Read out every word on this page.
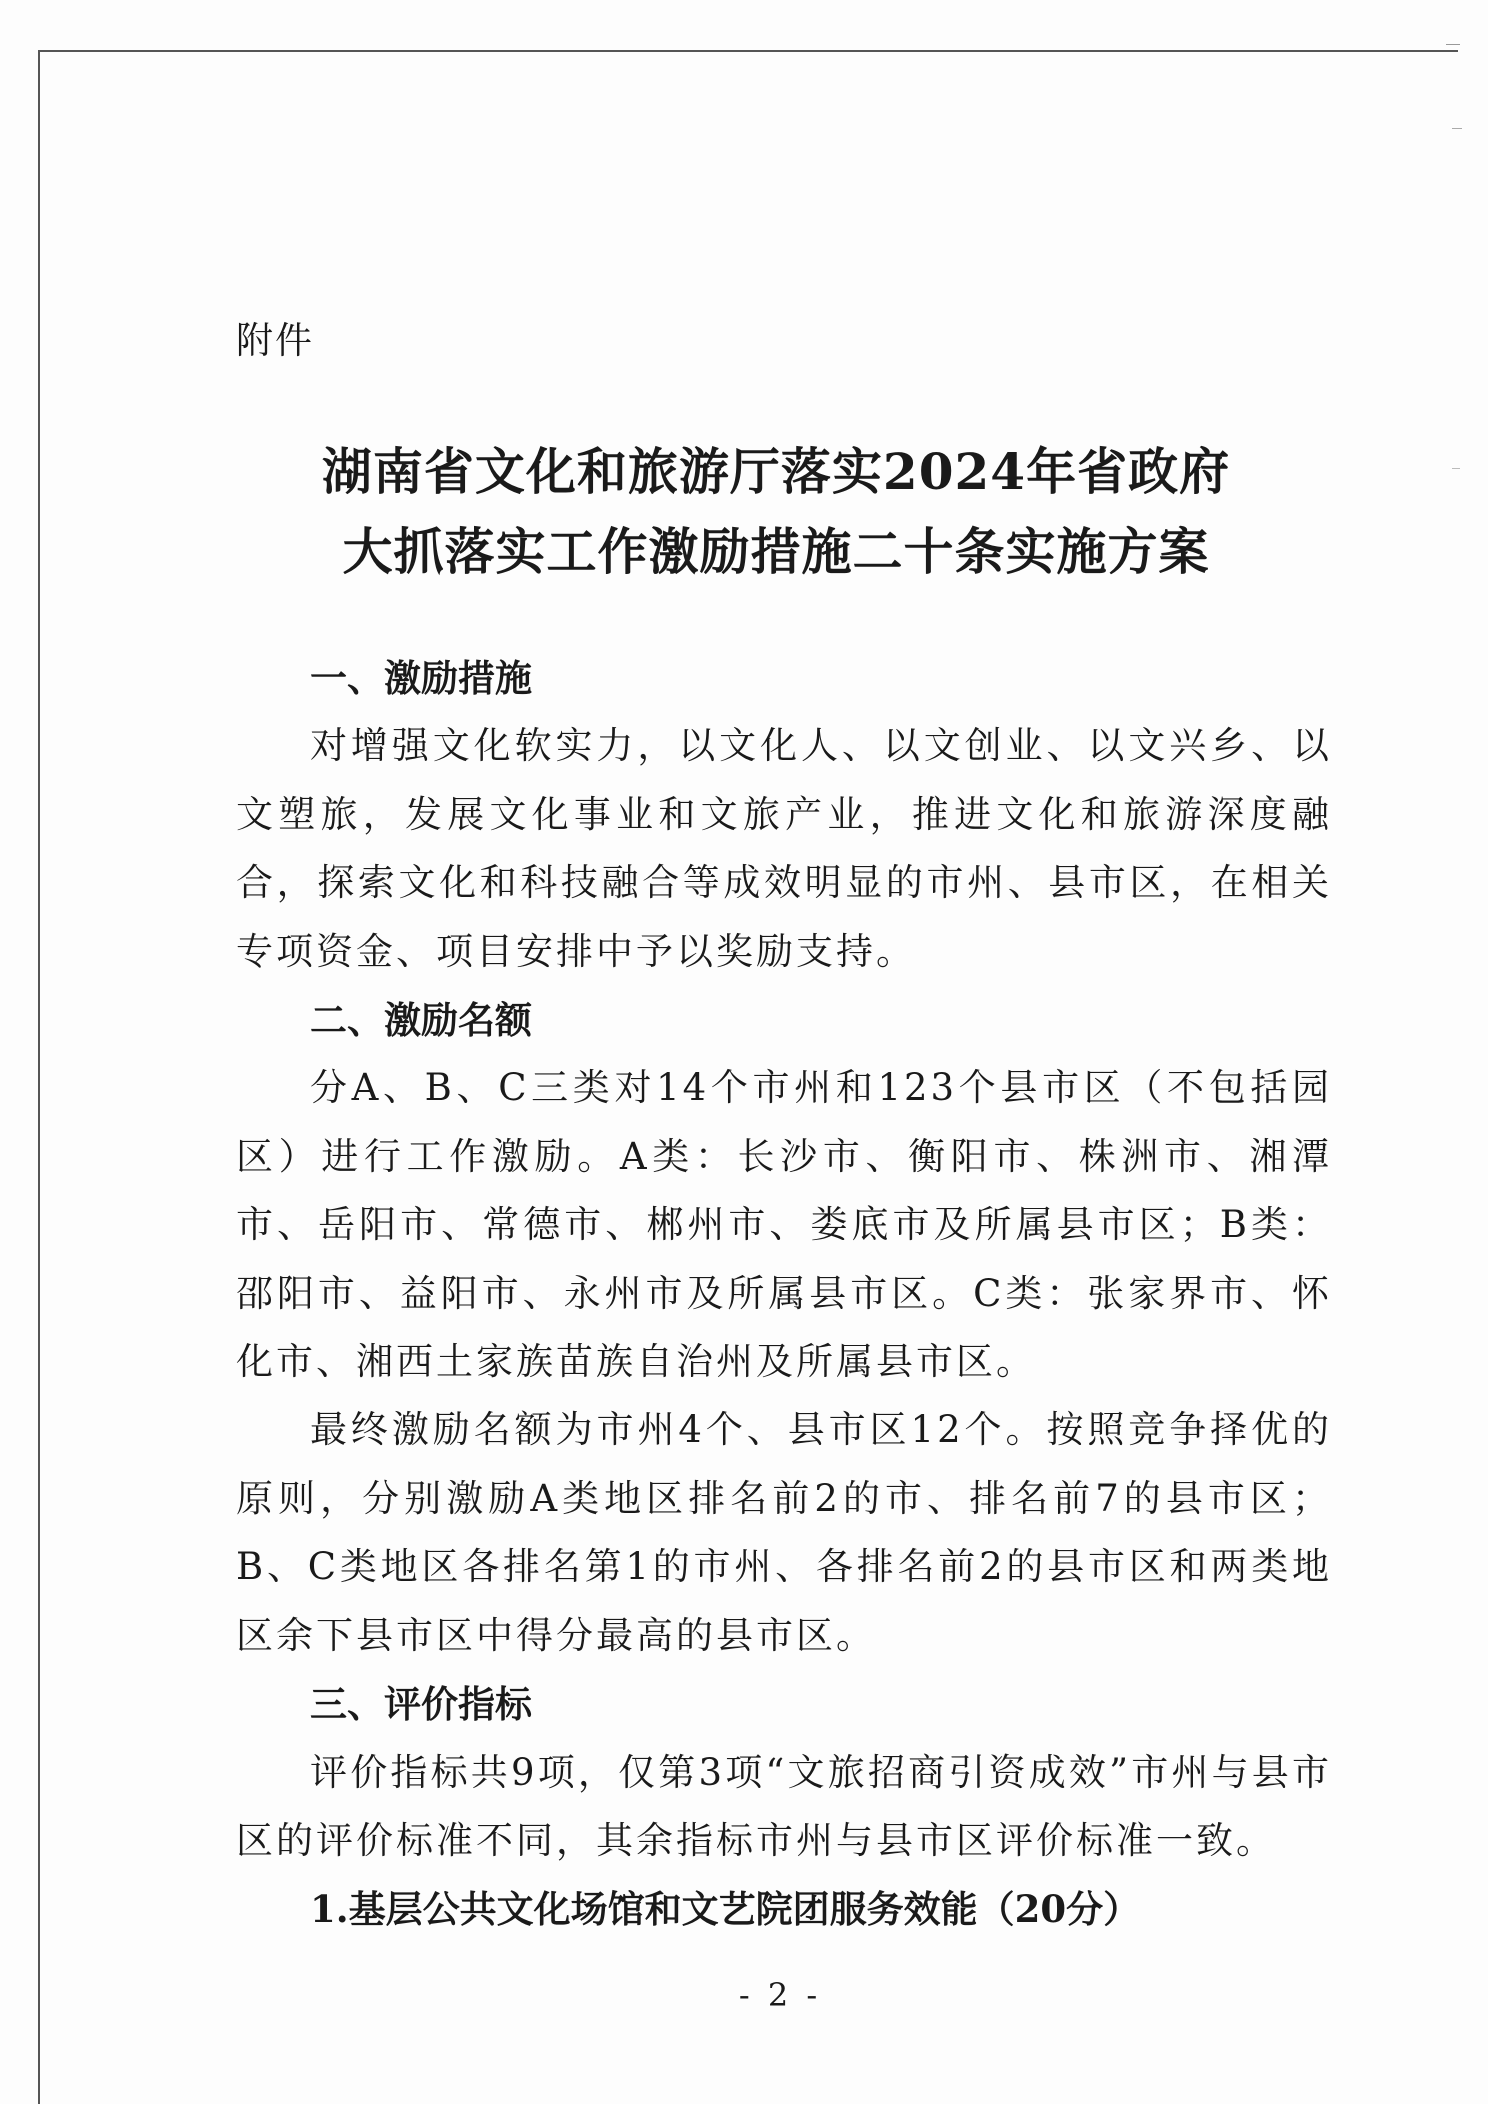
附件
湖南省文化和旅游厅落实2024年省政府
大抓落实工作激励措施二十条实施方案
一、激励措施
对增强文化软实力，以文化人、以文创业、以文兴乡、以文塑旅，发展文化事业和文旅产业，推进文化和旅游深度融合，探索文化和科技融合等成效明显的市州、县市区，在相关专项资金、项目安排中予以奖励支持。
二、激励名额
分A、B、C三类对14个市州和123个县市区（不包括园区）进行工作激励。A类：长沙市、衡阳市、株洲市、湘潭市、岳阳市、常德市、郴州市、娄底市及所属县市区；B类：邵阳市、益阳市、永州市及所属县市区。C类：张家界市、怀化市、湘西土家族苗族自治州及所属县市区。
最终激励名额为市州4个、县市区12个。按照竞争择优的原则，分别激励A类地区排名前2的市、排名前7的县市区；B、C类地区各排名第1的市州、各排名前2的县市区和两类地区余下县市区中得分最高的县市区。
三、评价指标
评价指标共9项，仅第3项“文旅招商引资成效”市州与县市区的评价标准不同，其余指标市州与县市区评价标准一致。
1.基层公共文化场馆和文艺院团服务效能（20分）
- 2 -
